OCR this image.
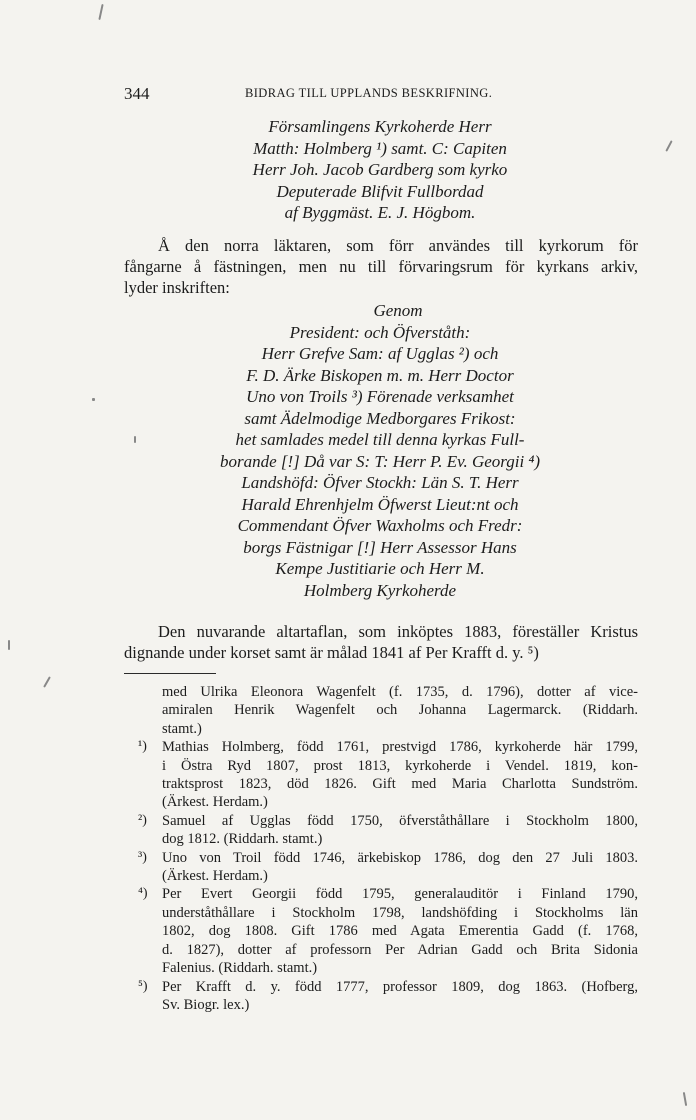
344	BIDRAG TILL UPPLANDS BESKRIFNING.
Församlingens Kyrkoherde Herr
Matth: Holmberg ¹) samt. C: Capiten
Herr Joh. Jacob Gardberg som kyrko
Deputerade Blifvit Fullbordad
af Byggmäst. E. J. Högbom.
Å den norra läktaren, som förr användes till kyrkorum för
fångarne å fästningen, men nu till förvaringsrum för kyrkans arkiv,
lyder inskriften:
Genom
President: och Öfverståth:
Herr Grefve Sam: af Ugglas ²) och
F. D. Ärke Biskopen m. m. Herr Doctor
Uno von Troils ³) Förenade verksamhet
samt Ädelmodige Medborgares Frikost:
het samlades medel till denna kyrkas Full-
borande [!] Då var S: T: Herr P. Ev. Georgii ⁴)
Landshöfd: Öfver Stockh: Län S. T. Herr
Harald Ehrenhjelm Öfwerst Lieut:nt och
Commendant Öfver Waxholms och Fredr:
borgs Fästnigar [!] Herr Assessor Hans
Kempe Justitiarie och Herr M.
Holmberg Kyrkoherde
Den nuvarande altartaflan, som inköptes 1883, föreställer Kristus
dignande under korset samt är målad 1841 af Per Krafft d. y. ⁵)
med Ulrika Eleonora Wagenfelt (f. 1735, d. 1796), dotter af vice-
amiralen Henrik Wagenfelt och Johanna Lagermarck. (Riddarh.
stamt.)
¹) Mathias Holmberg, född 1761, prestvigd 1786, kyrkoherde här 1799,
i Östra Ryd 1807, prost 1813, kyrkoherde i Vendel. 1819, kon-
traktsprost 1823, död 1826. Gift med Maria Charlotta Sundström.
(Ärkest. Herdam.)
²) Samuel af Ugglas född 1750, öfverståthållare i Stockholm 1800,
dog 1812. (Riddarh. stamt.)
³) Uno von Troil född 1746, ärkebiskop 1786, dog den 27 Juli 1803.
(Ärkest. Herdam.)
⁴) Per Evert Georgii född 1795, generalauditör i Finland 1790,
underståthållare i Stockholm 1798, landshöfding i Stockholms län
1802, dog 1808. Gift 1786 med Agata Emerentia Gadd (f. 1768,
d. 1827), dotter af professorn Per Adrian Gadd och Brita Sidonia
Falenius. (Riddarh. stamt.)
⁵) Per Krafft d. y. född 1777, professor 1809, dog 1863. (Hofberg,
Sv. Biogr. lex.)
